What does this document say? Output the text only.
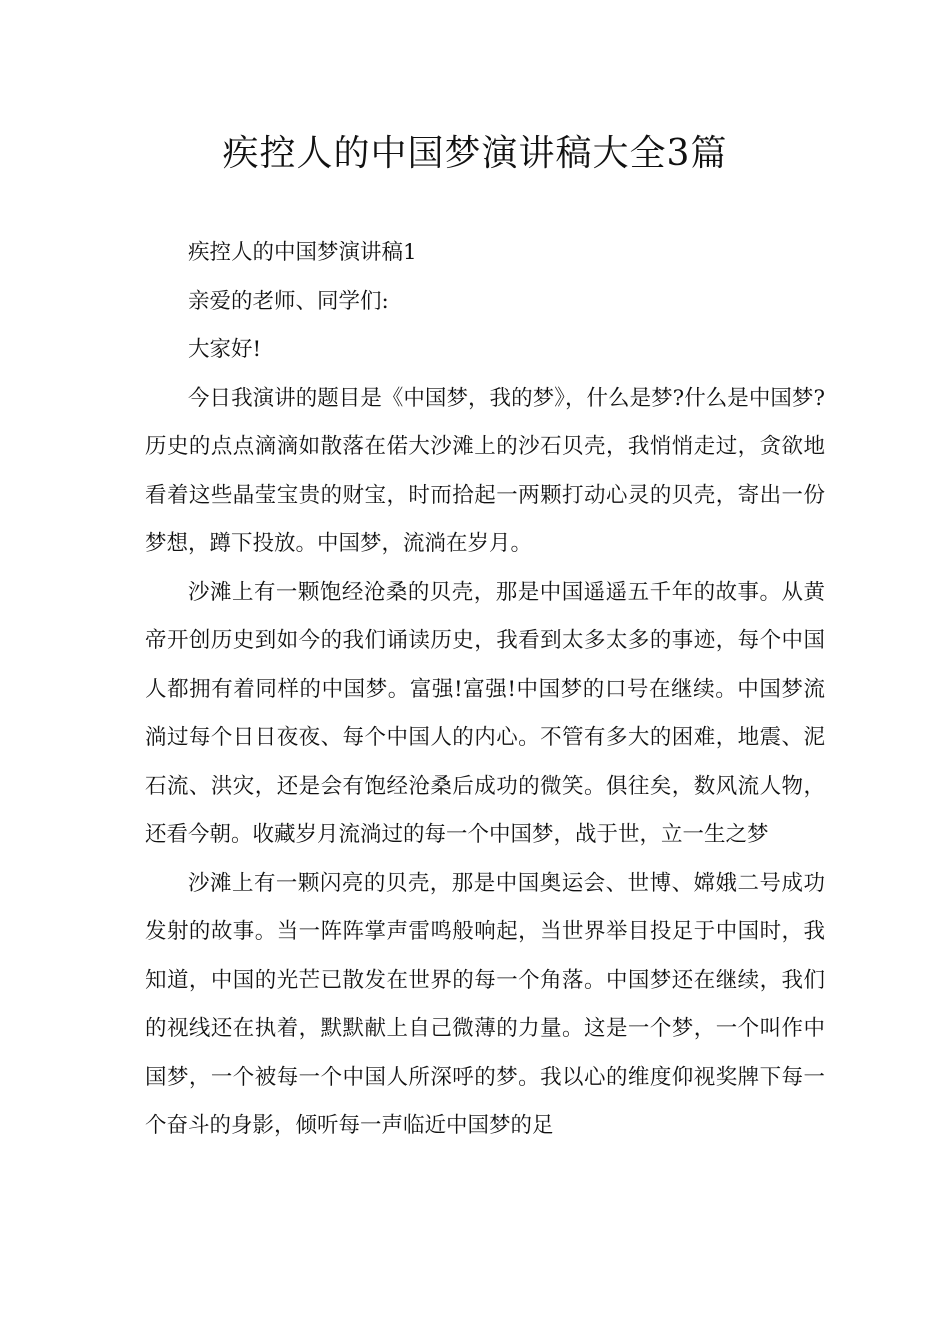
疾控人的中国梦演讲稿大全3篇

疾控人的中国梦演讲稿1

亲爱的老师、同学们:

大家好!

今日我演讲的题目是《中国梦，我的梦》，什么是梦?什么是中国梦?历史的点点滴滴如散落在偌大沙滩上的沙石贝壳，我悄悄走过，贪欲地看着这些晶莹宝贵的财宝，时而拾起一两颗打动心灵的贝壳，寄出一份梦想，蹲下投放。中国梦，流淌在岁月。

沙滩上有一颗饱经沧桑的贝壳，那是中国遥遥五千年的故事。从黄帝开创历史到如今的我们诵读历史，我看到太多太多的事迹，每个中国人都拥有着同样的中国梦。富强!富强!中国梦的口号在继续。中国梦流淌过每个日日夜夜、每个中国人的内心。不管有多大的困难，地震、泥石流、洪灾，还是会有饱经沧桑后成功的微笑。俱往矣，数风流人物，还看今朝。收藏岁月流淌过的每一个中国梦，战于世，立一生之梦

沙滩上有一颗闪亮的贝壳，那是中国奥运会、世博、嫦娥二号成功发射的故事。当一阵阵掌声雷鸣般响起，当世界举目投足于中国时，我知道，中国的光芒已散发在世界的每一个角落。中国梦还在继续，我们的视线还在执着，默默献上自己微薄的力量。这是一个梦，一个叫作中国梦，一个被每一个中国人所深呼的梦。我以心的维度仰视奖牌下每一个奋斗的身影，倾听每一声临近中国梦的足
